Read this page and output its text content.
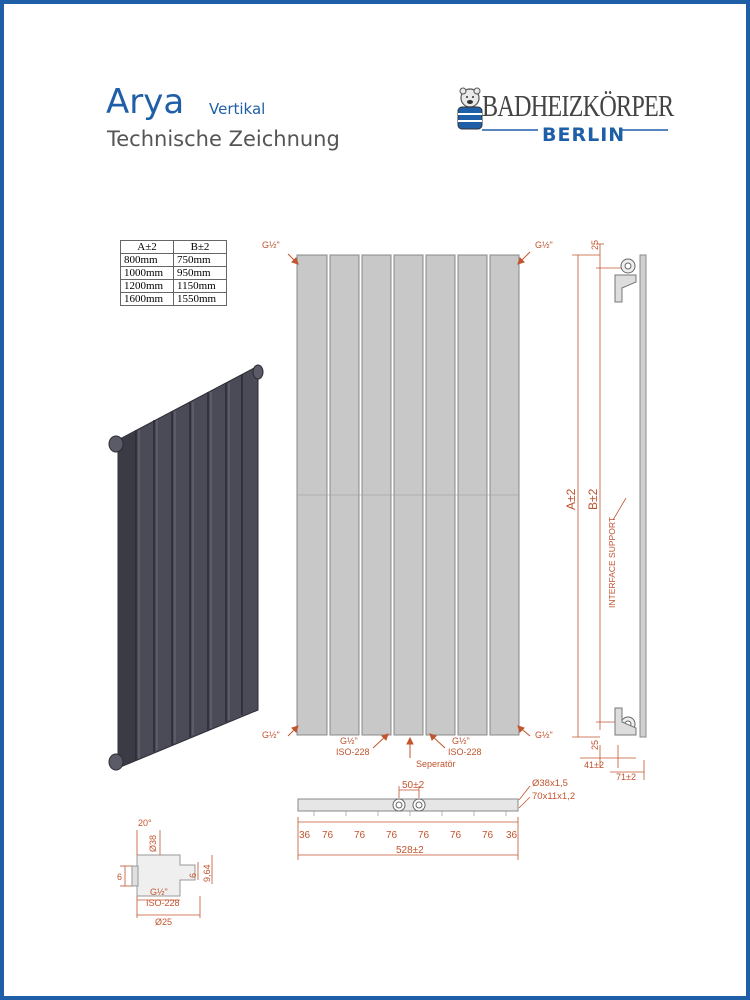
Arya Vertikal
Technische Zeichnung
BADHEIZKÖRPER
BERLIN
A±2	B±2
800mm	750mm
1000mm	950mm
1200mm	1150mm
1600mm	1550mm
G½"	G½"
G½"	G½"
G½"
ISO-228
G½"
ISO-228
Seperatör
25
25
A±2 B±2
INTERFACE SUPPORT
41±2
71±2
50±2	Ø38x1,5
70x11x1,2
36 76 76 76 76 76 76 36
528±2
20°
Ø38
6	6 9,64
G½"
ISO-228
Ø25
